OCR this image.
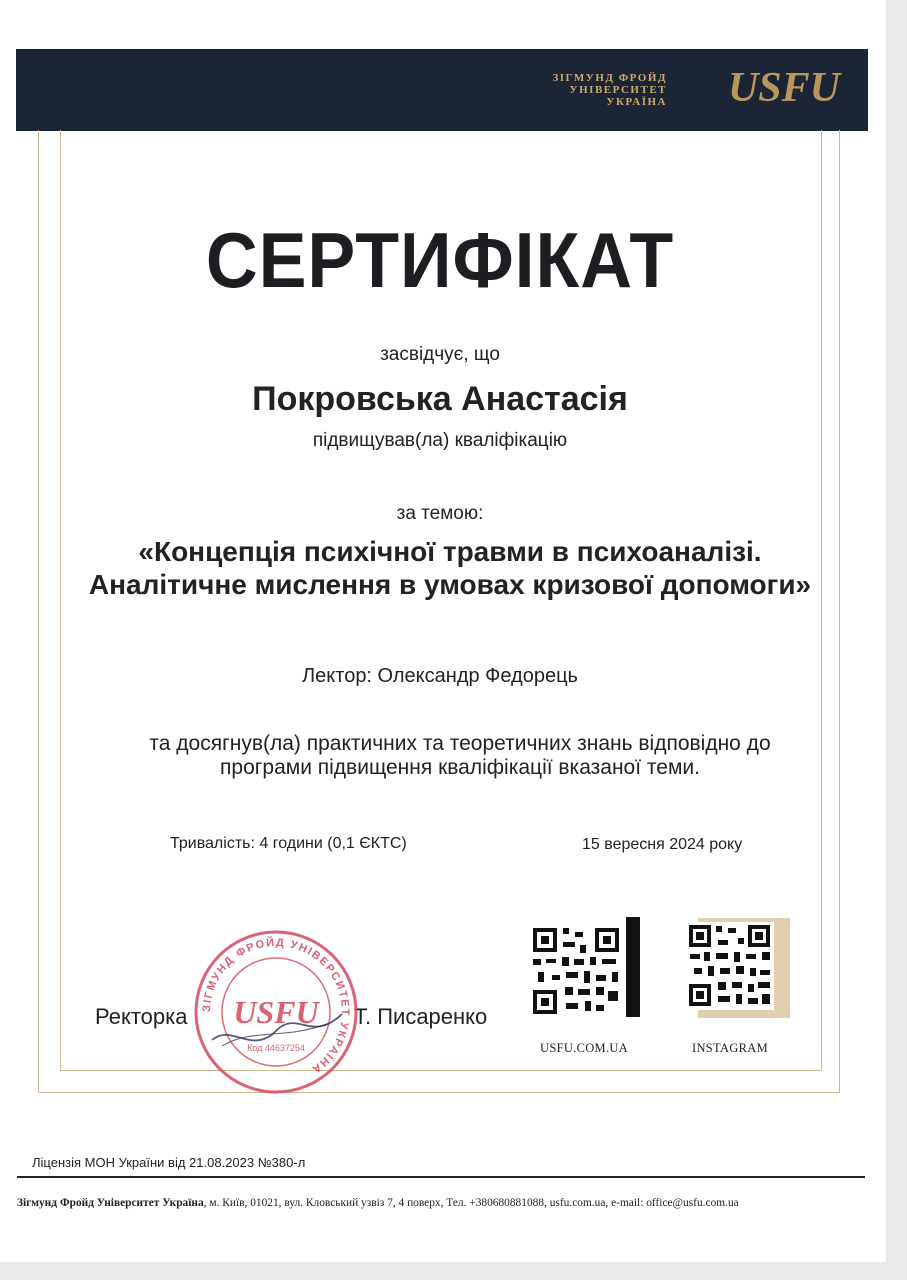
ЗІГМУНД ФРОЙД
УНІВЕРСИТЕТ
УКРАЇНА USFU
СЕРТИФІКАТ
засвідчує, що
Покровська Анастасія
підвищував(ла) кваліфікацію
за темою:
«Концепція психічної травми в психоаналізі. Аналітичне мислення в умовах кризової допомоги»
Лектор: Олександр Федорець
та досягнув(ла) практичних та теоретичних знань відповідно до програми підвищення кваліфікації вказаної теми.
Тривалість: 4 години (0,1 ЄКТС)	15 вересня 2024 року
Ректорка	Т. Писаренко
ЗІГМУНД ФРОЙД УНІВЕРСИТЕТ УКРАЇНА
USFU
Код 44637254	USFU.COM.UA	INSTAGRAM
Ліцензія МОН України від 21.08.2023 №380-л
Зігмунд Фройд Університет Україна, м. Київ, 01021, вул. Кловський узвіз 7, 4 поверх, Тел. +380680881088, usfu.com.ua, e-mail: office@usfu.com.ua
